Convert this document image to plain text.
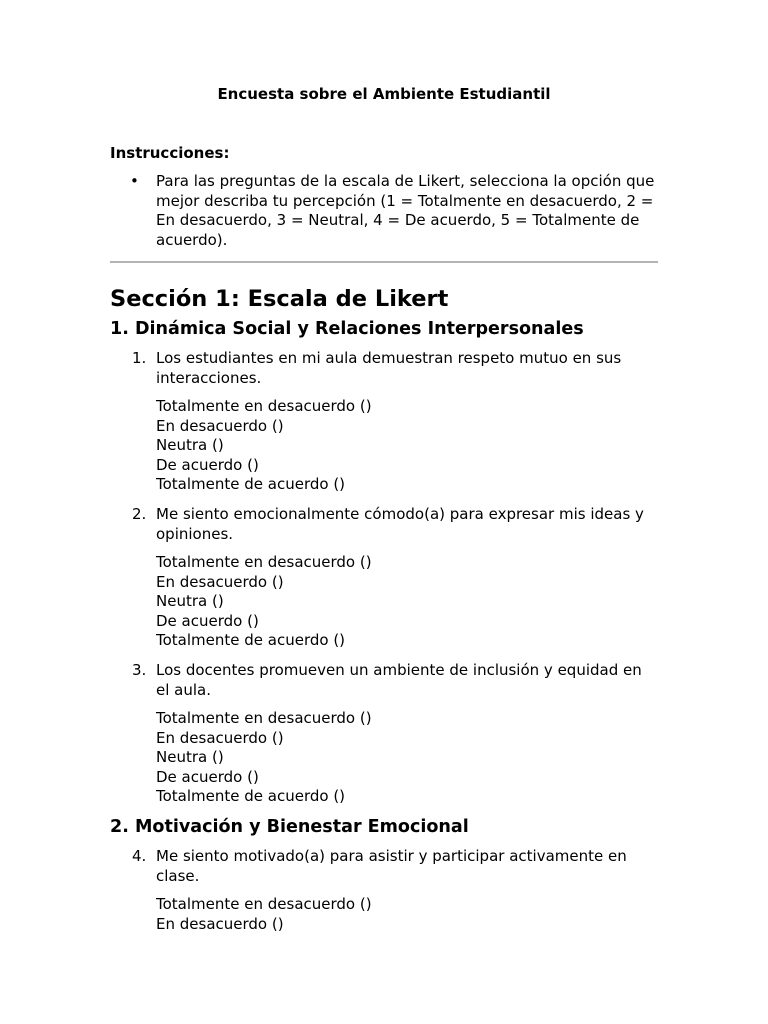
Encuesta sobre el Ambiente Estudiantil
Instrucciones:
• Para las preguntas de la escala de Likert, selecciona la opción que mejor describa tu percepción (1 = Totalmente en desacuerdo, 2 = En desacuerdo, 3 = Neutral, 4 = De acuerdo, 5 = Totalmente de acuerdo).
Sección 1: Escala de Likert
1. Dinámica Social y Relaciones Interpersonales
1. Los estudiantes en mi aula demuestran respeto mutuo en sus interacciones.

Totalmente en desacuerdo ()
En desacuerdo ()
Neutra ()
De acuerdo ()
Totalmente de acuerdo ()
2. Me siento emocionalmente cómodo(a) para expresar mis ideas y opiniones.

Totalmente en desacuerdo ()
En desacuerdo ()
Neutra ()
De acuerdo ()
Totalmente de acuerdo ()
3. Los docentes promueven un ambiente de inclusión y equidad en el aula.

Totalmente en desacuerdo ()
En desacuerdo ()
Neutra ()
De acuerdo ()
Totalmente de acuerdo ()
2. Motivación y Bienestar Emocional
4. Me siento motivado(a) para asistir y participar activamente en clase.

Totalmente en desacuerdo ()
En desacuerdo ()
